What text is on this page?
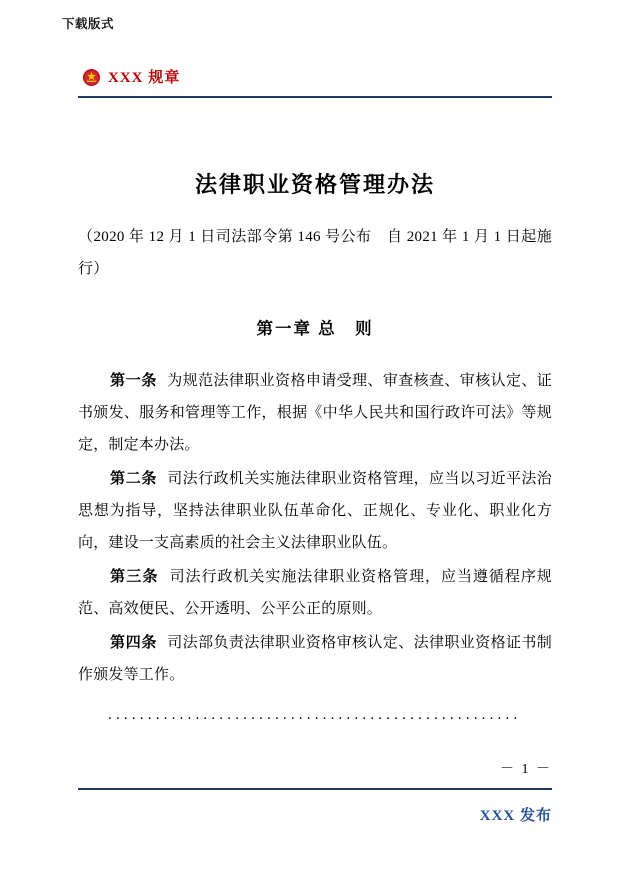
下载版式
XXX 规章
法律职业资格管理办法
（2020 年 12 月 1 日司法部令第 146 号公布　自 2021 年 1 月 1 日起施行）
第一章 总　则

第一条 为规范法律职业资格申请受理、审查核查、审核认定、证书颁发、服务和管理等工作，根据《中华人民共和国行政许可法》等规定，制定本办法。

第二条 司法行政机关实施法律职业资格管理，应当以习近平法治思想为指导，坚持法律职业队伍革命化、正规化、专业化、职业化方向，建设一支高素质的社会主义法律职业队伍。

第三条 司法行政机关实施法律职业资格管理，应当遵循程序规范、高效便民、公开透明、公平公正的原则。

第四条 司法部负责法律职业资格审核认定、法律职业资格证书制作颁发等工作。

....................................................
－ 1 －
XXX 发布
